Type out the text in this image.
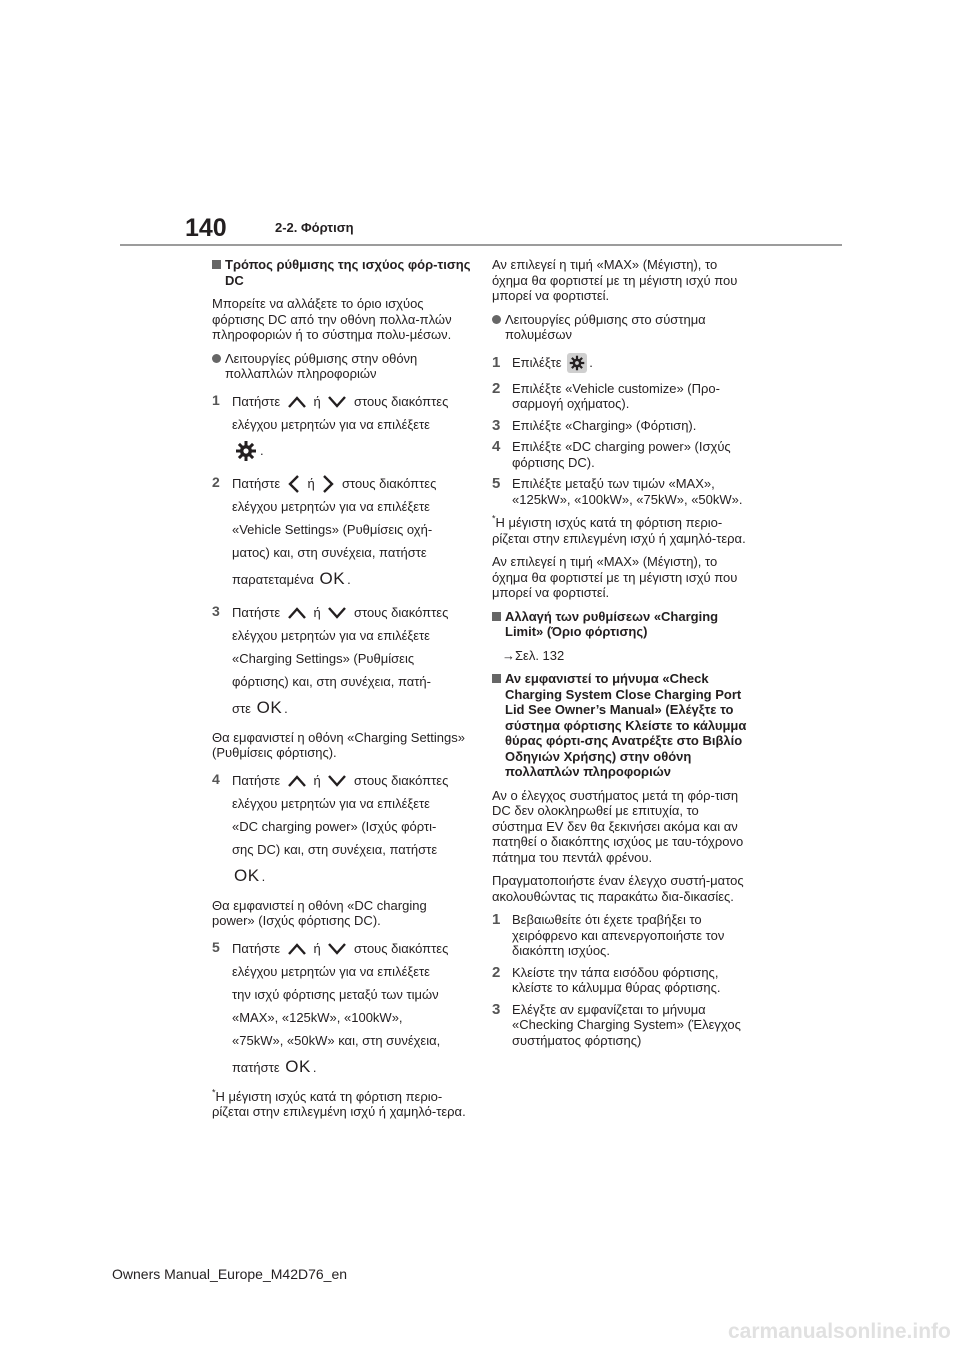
140	2-2. Φόρτιση
Τρόπος ρύθμισης της ισχύος φόρ-τισης DC

Μπορείτε να αλλάξετε το όριο ισχύος φόρτισης DC από την οθόνη πολλα-πλών πληροφοριών ή το σύστημα πολυ-μέσων.

Λειτουργίες ρύθμισης στην οθόνη πολλαπλών πληροφοριών
1 Πατήστε	ή	στους διακόπτες

ελέγχου μετρητών για να επιλέξετε

.

2 Πατήστε ή στους διακόπτες

ελέγχου μετρητών για να επιλέξετε

«Vehicle Settings» (Ρυθμίσεις οχή-

ματος) και, στη συνέχεια, πατήστε

παρατεταμένα OK .

3 Πατήστε	ή	στους διακόπτες

ελέγχου μετρητών για να επιλέξετε

«Charging Settings» (Ρυθμίσεις

φόρτισης) και, στη συνέχεια, πατή-

στε OK .

Θα εμφανιστεί η οθόνη «Charging Settings» (Ρυθμίσεις φόρτισης).

4 Πατήστε	ή	στους διακόπτες

ελέγχου μετρητών για να επιλέξετε

«DC charging power» (Ισχύς φόρτι-

σης DC) και, στη συνέχεια, πατήστε

OK .

Θα εμφανιστεί η οθόνη «DC charging power» (Ισχύς φόρτισης DC).

5 Πατήστε	ή	στους διακόπτες

ελέγχου μετρητών για να επιλέξετε

την ισχύ φόρτισης μεταξύ των τιμών

«MAX», «125kW», «100kW»,

«75kW», «50kW» και, στη συνέχεια,

πατήστε OK .

*Η μέγιστη ισχύς κατά τη φόρτιση περιο-ρίζεται στην επιλεγμένη ισχύ ή χαμηλό-τερα.

Αν επιλεγεί η τιμή «MAX» (Μέγιστη), το όχημα θα φορτιστεί με τη μέγιστη ισχύ που μπορεί να φορτιστεί.

Λειτουργίες ρύθμισης στο σύστημα πολυμέσων
1 Επιλέξτε .
2 Επιλέξτε «Vehicle customize» (Προ-σαρμογή οχήματος).
3 Επιλέξτε «Charging» (Φόρτιση).
4 Επιλέξτε «DC charging power» (Ισχύς φόρτισης DC).
5 Επιλέξτε μεταξύ των τιμών «MAX», «125kW», «100kW», «75kW», «50kW».

*Η μέγιστη ισχύς κατά τη φόρτιση περιο-ρίζεται στην επιλεγμένη ισχύ ή χαμηλό-τερα.

Αν επιλεγεί η τιμή «MAX» (Μέγιστη), το όχημα θα φορτιστεί με τη μέγιστη ισχύ που μπορεί να φορτιστεί.

Αλλαγή των ρυθμίσεων «Charging Limit» (Όριο φόρτισης)

→Σελ. 132

Αν εμφανιστεί το μήνυμα «Check Charging System Close Charging Port Lid See Owner’s Manual» (Ελέγξτε το σύστημα φόρτισης Κλείστε το κάλυμμα θύρας φόρτι-σης Ανατρέξτε στο Βιβλίο Οδηγιών Χρήσης) στην οθόνη πολλαπλών πληροφοριών

Αν ο έλεγχος συστήματος μετά τη φόρ-τιση DC δεν ολοκληρωθεί με επιτυχία, το σύστημα EV δεν θα ξεκινήσει ακόμα και αν πατηθεί ο διακόπτης ισχύος με ταυ-τόχρονο πάτημα του πεντάλ φρένου.

Πραγματοποιήστε έναν έλεγχο συστή-ματος ακολουθώντας τις παρακάτω δια-δικασίες.

1 Βεβαιωθείτε ότι έχετε τραβήξει το χειρόφρενο και απενεργοποιήστε τον διακόπτη ισχύος.
2 Κλείστε την τάπα εισόδου φόρτισης, κλείστε το κάλυμμα θύρας φόρτισης.
3 Ελέγξτε αν εμφανίζεται το μήνυμα «Checking Charging System» (Έλεγχος συστήματος φόρτισης)
Owners Manual_Europe_M42D76_en
carmanualsonline.info
